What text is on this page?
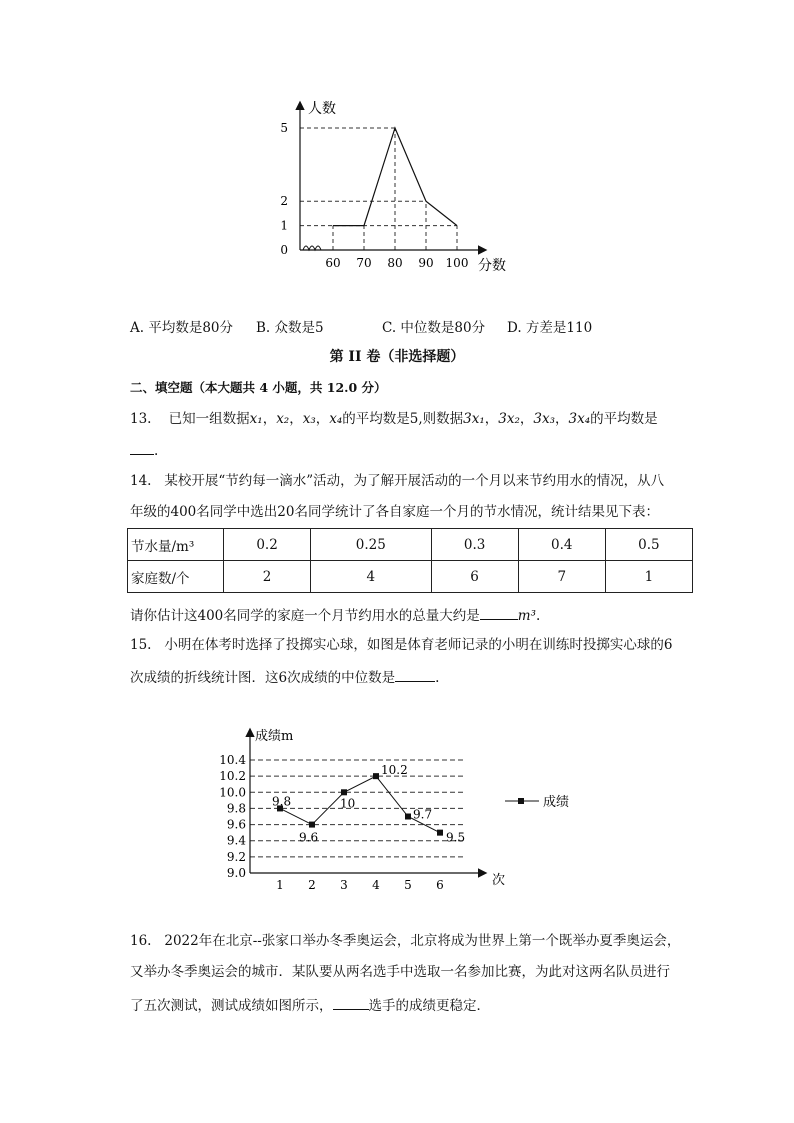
0
1
2
5
60 70 80 90 100
人数
分数
A. 平均数是80分 B. 众数是5	C. 中位数是80分 D. 方差是110
第 II 卷（非选择题）
二、填空题（本大题共 4 小题，共 12.0 分）
13. 已知一组数据x₁，x₂，x₃，x₄的平均数是5,则数据3x₁，3x₂，3x₃，3x₄的平均数是
.
14. 某校开展“节约每一滴水”活动，为了解开展活动的一个月以来节约用水的情况，从八
年级的400名同学中选出20名同学统计了各自家庭一个月的节水情况，统计结果见下表：
节水量/m³	0.2	0.25	0.3	0.4	0.5
家庭数/个	2	4	6	7	1
请你估计这400名同学的家庭一个月节约用水的总量大约是	m³.
15. 小明在体考时选择了投掷实心球，如图是体育老师记录的小明在训练时投掷实心球的6
次成绩的折线统计图．这6次成绩的中位数是	.
9.0
9.2
9.4
9.6
9.8
10.0
10.2
10.4
1 2 3 4 5 6
9.8
9.6
10
10.2
9.7
9.5
成绩m
次
成绩
16. 2022年在北京--张家口举办冬季奥运会，北京将成为世界上第一个既举办夏季奥运会，
又举办冬季奥运会的城市．某队要从两名选手中选取一名参加比赛，为此对这两名队员进行
了五次测试，测试成绩如图所示，	选手的成绩更稳定．
